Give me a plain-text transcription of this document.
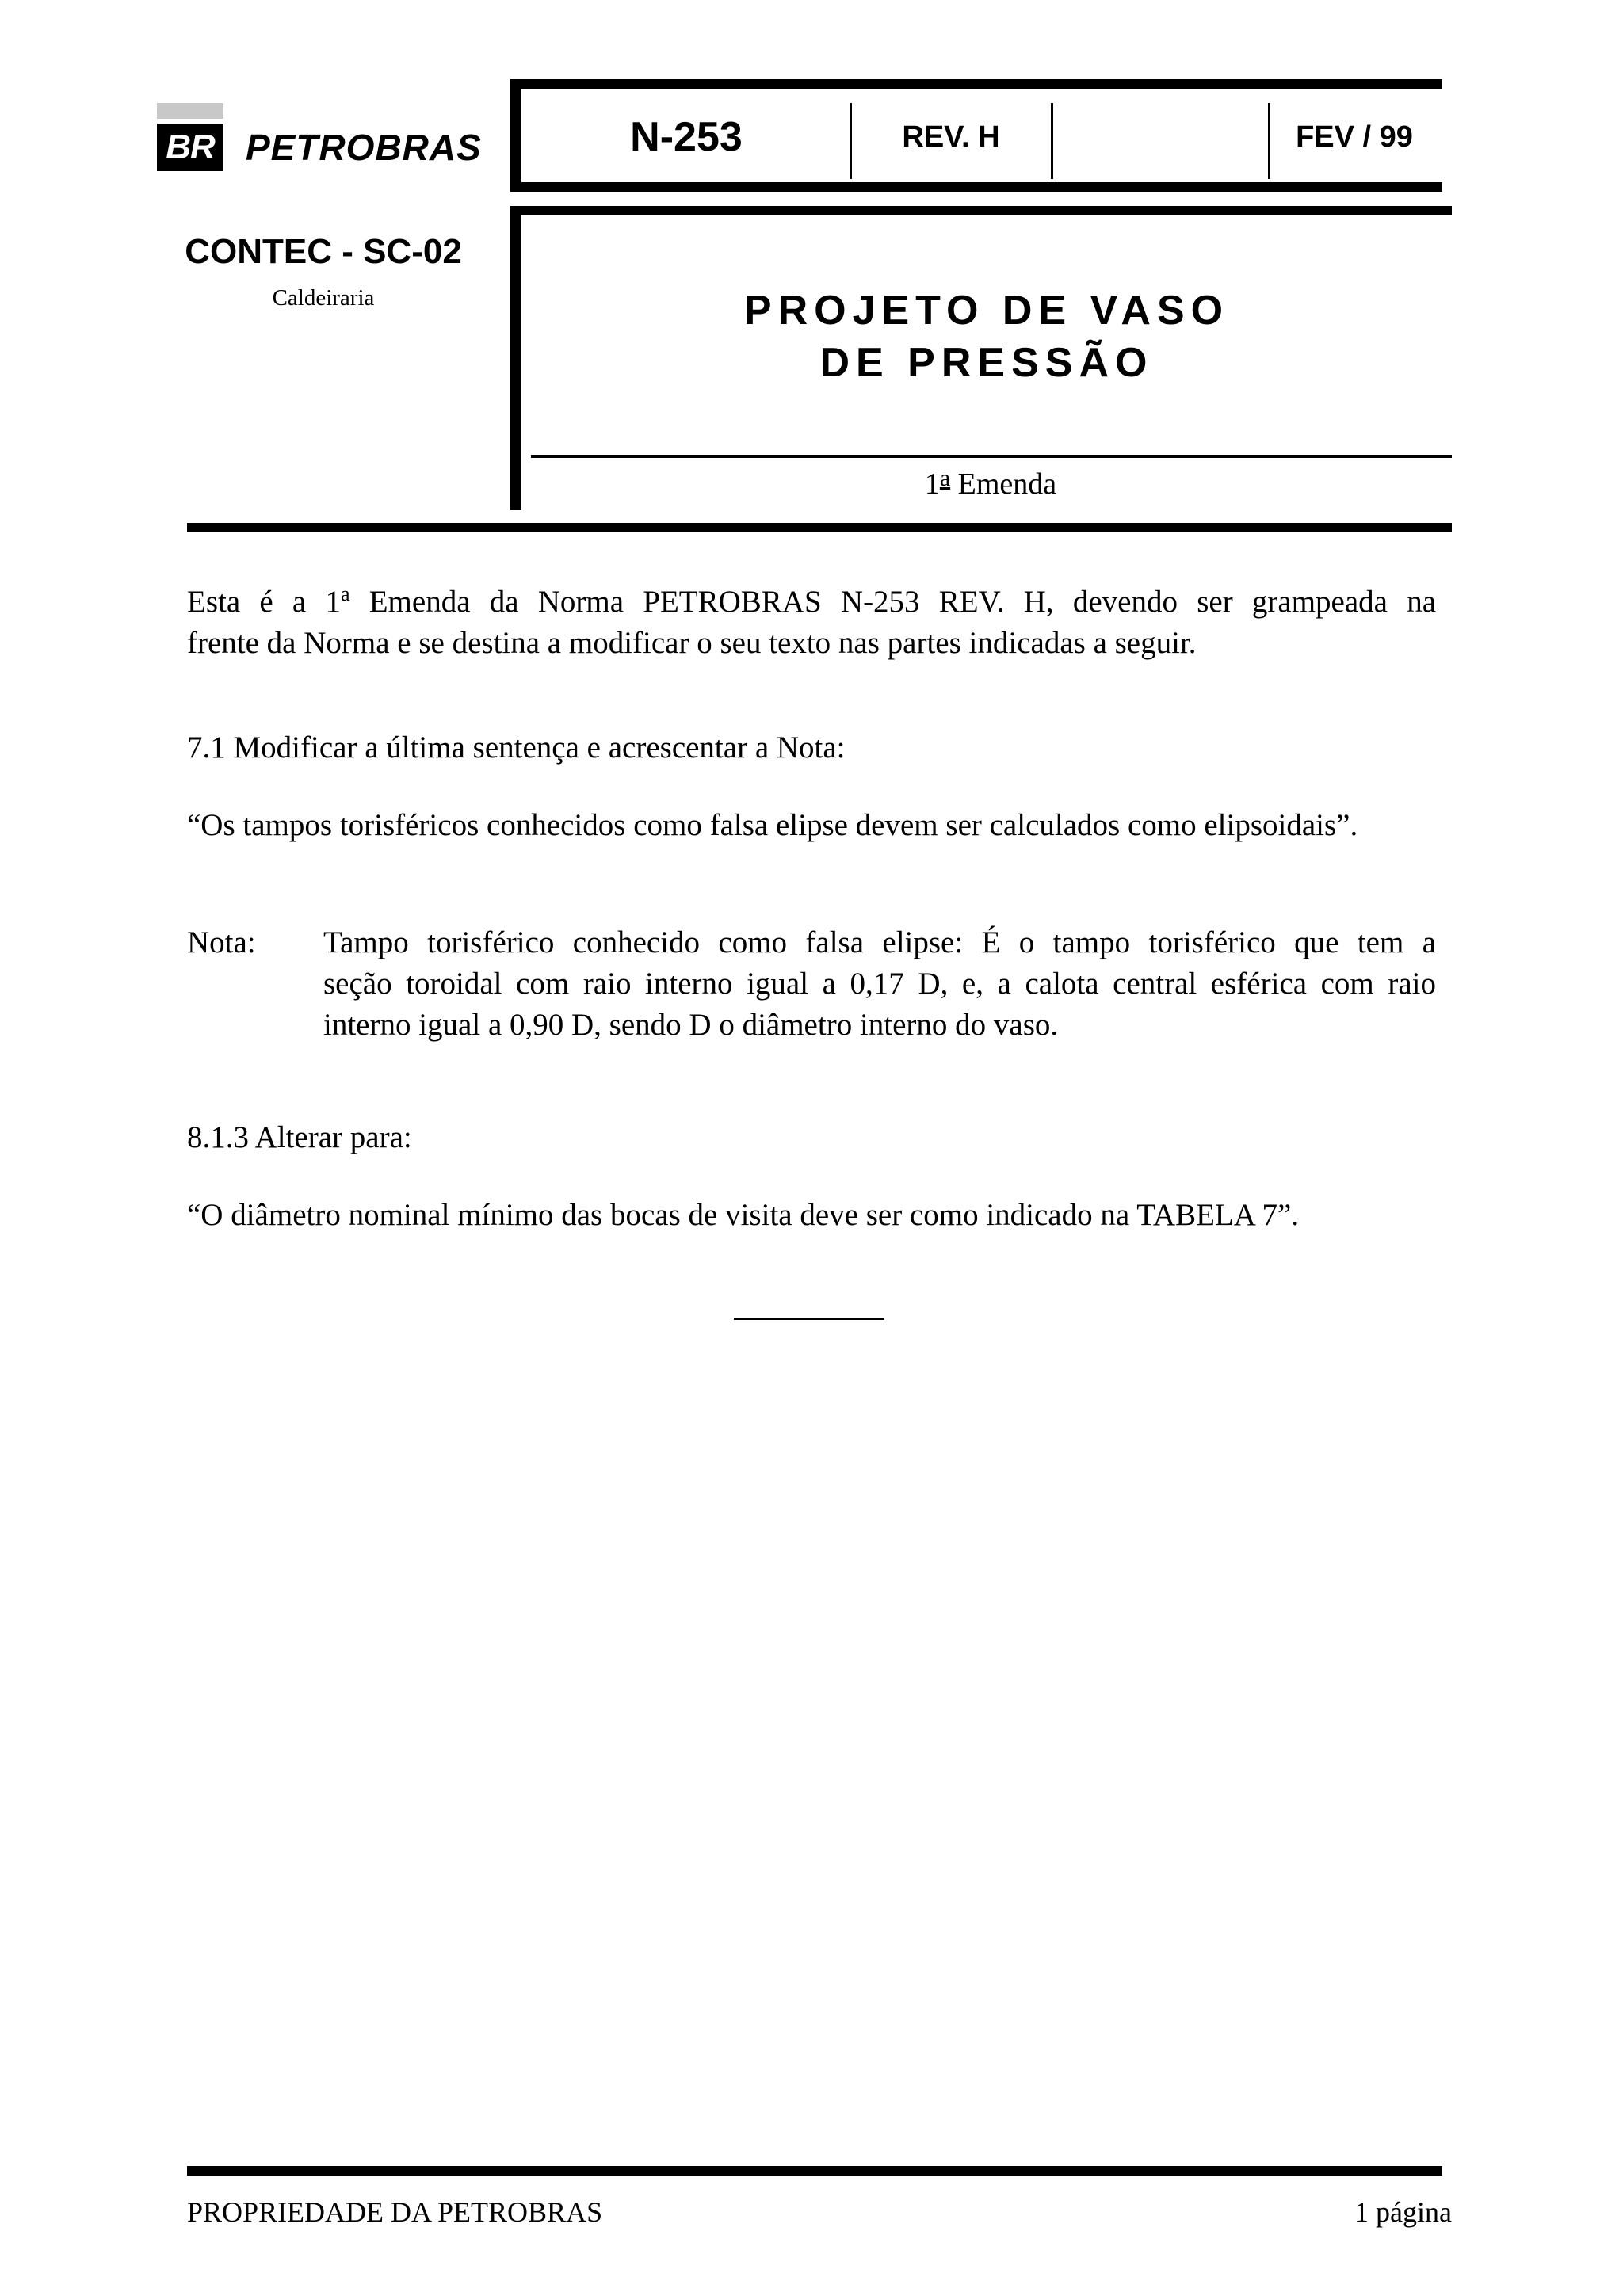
BR PETROBRAS	N-253	REV. H	FEV / 99
CONTEC - SC-02
Caldeiraria	PROJETO DE VASO
DE PRESSÃO
1$^a$ Emenda
Esta é a 1$^a$ Emenda da Norma PETROBRAS N-253 REV. H, devendo ser grampeada na
frente da Norma e se destina a modificar o seu texto nas partes indicadas a seguir.
7.1 Modificar a última sentença e acrescentar a Nota:
“Os tampos torisféricos conhecidos como falsa elipse devem ser calculados como elipsoidais”.
Nota: Tampo torisférico conhecido como falsa elipse: É o tampo torisférico que tem a
seção toroidal com raio interno igual a 0,17 D, e, a calota central esférica com raio
interno igual a 0,90 D, sendo D o diâmetro interno do vaso.
8.1.3 Alterar para:
“O diâmetro nominal mínimo das bocas de visita deve ser como indicado na TABELA 7”.
PROPRIEDADE DA PETROBRAS	1 página
